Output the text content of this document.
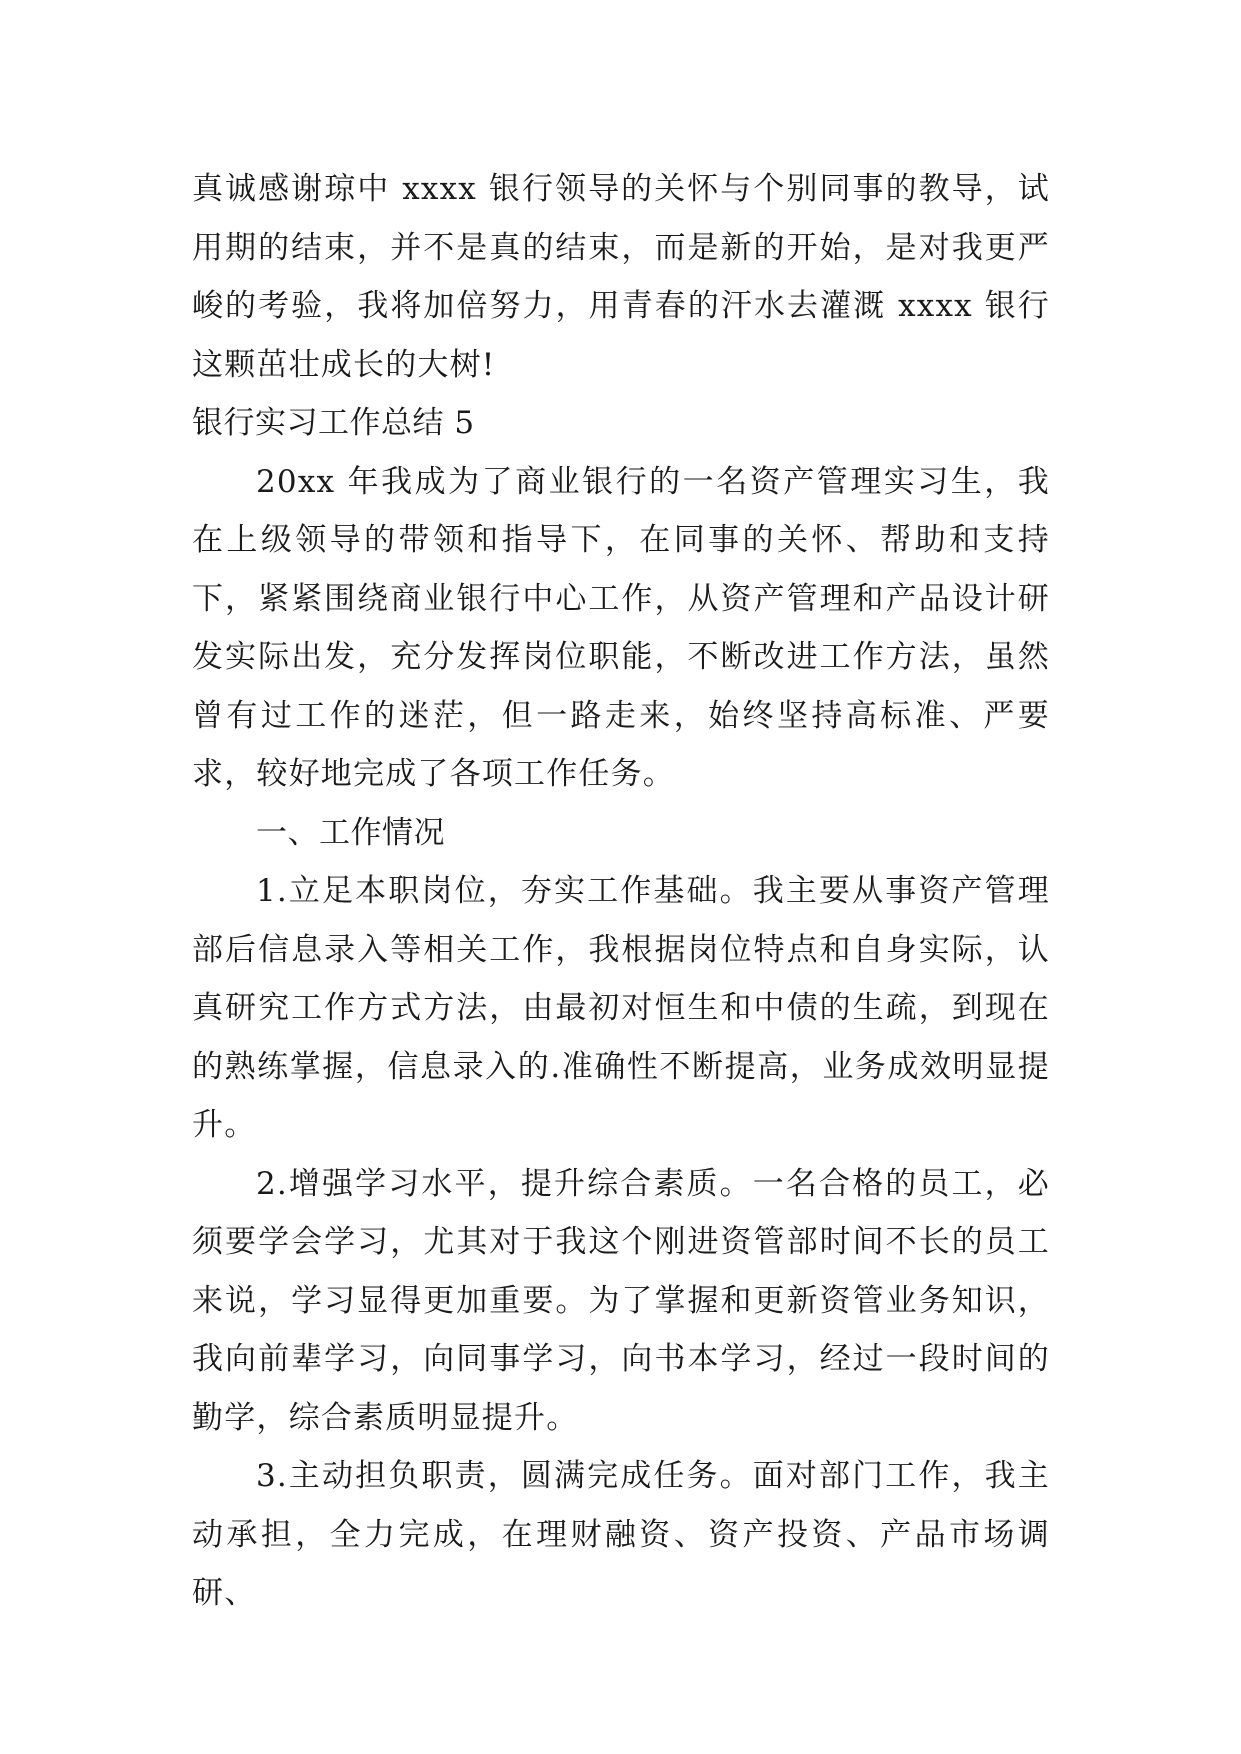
真诚感谢琼中 xxxx 银行领导的关怀与个别同事的教导，试用期的结束，并不是真的结束，而是新的开始，是对我更严峻的考验，我将加倍努力，用青春的汗水去灌溉 xxxx 银行这颗茁壮成长的大树!

银行实习工作总结 5

20xx 年我成为了商业银行的一名资产管理实习生，我在上级领导的带领和指导下，在同事的关怀、帮助和支持下，紧紧围绕商业银行中心工作，从资产管理和产品设计研发实际出发，充分发挥岗位职能，不断改进工作方法，虽然曾有过工作的迷茫，但一路走来，始终坚持高标准、严要求，较好地完成了各项工作任务。

一、工作情况

1.立足本职岗位，夯实工作基础。我主要从事资产管理部后信息录入等相关工作，我根据岗位特点和自身实际，认真研究工作方式方法，由最初对恒生和中债的生疏，到现在的熟练掌握，信息录入的.准确性不断提高，业务成效明显提升。

2.增强学习水平，提升综合素质。一名合格的员工，必须要学会学习，尤其对于我这个刚进资管部时间不长的员工来说，学习显得更加重要。为了掌握和更新资管业务知识，我向前辈学习，向同事学习，向书本学习，经过一段时间的勤学，综合素质明显提升。

3.主动担负职责，圆满完成任务。面对部门工作，我主动承担，全力完成，在理财融资、资产投资、产品市场调研、
